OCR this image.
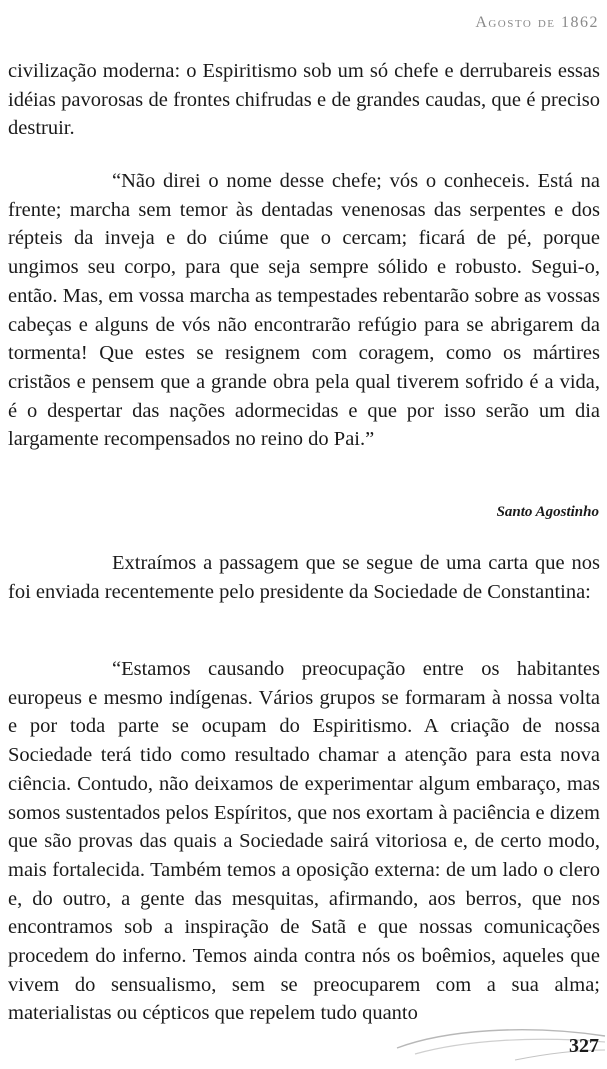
Agosto de 1862

civilização moderna: o Espiritismo sob um só chefe e derrubareis essas idéias pavorosas de frontes chifrudas e de grandes caudas, que é preciso destruir.

“Não direi o nome desse chefe; vós o conheceis. Está na frente; marcha sem temor às dentadas venenosas das serpentes e dos répteis da inveja e do ciúme que o cercam; ficará de pé, porque ungimos seu corpo, para que seja sempre sólido e robusto. Segui-o, então. Mas, em vossa marcha as tempestades rebentarão sobre as vossas cabeças e alguns de vós não encontrarão refúgio para se abrigarem da tormenta! Que estes se resignem com coragem, como os mártires cristãos e pensem que a grande obra pela qual tiverem sofrido é a vida, é o despertar das nações adormecidas e que por isso serão um dia largamente recompensados no reino do Pai.”

Santo Agostinho

Extraímos a passagem que se segue de uma carta que nos foi enviada recentemente pelo presidente da Sociedade de Constantina:

“Estamos causando preocupação entre os habitantes europeus e mesmo indígenas. Vários grupos se formaram à nossa volta e por toda parte se ocupam do Espiritismo. A criação de nossa Sociedade terá tido como resultado chamar a atenção para esta nova ciência. Contudo, não deixamos de experimentar algum embaraço, mas somos sustentados pelos Espíritos, que nos exortam à paciência e dizem que são provas das quais a Sociedade sairá vitoriosa e, de certo modo, mais fortalecida. Também temos a oposição externa: de um lado o clero e, do outro, a gente das mesquitas, afirmando, aos berros, que nos encontramos sob a inspiração de Satã e que nossas comunicações procedem do inferno. Temos ainda contra nós os boêmios, aqueles que vivem do sensualismo, sem se preocuparem com a sua alma; materialistas ou cépticos que repelem tudo quanto

327
